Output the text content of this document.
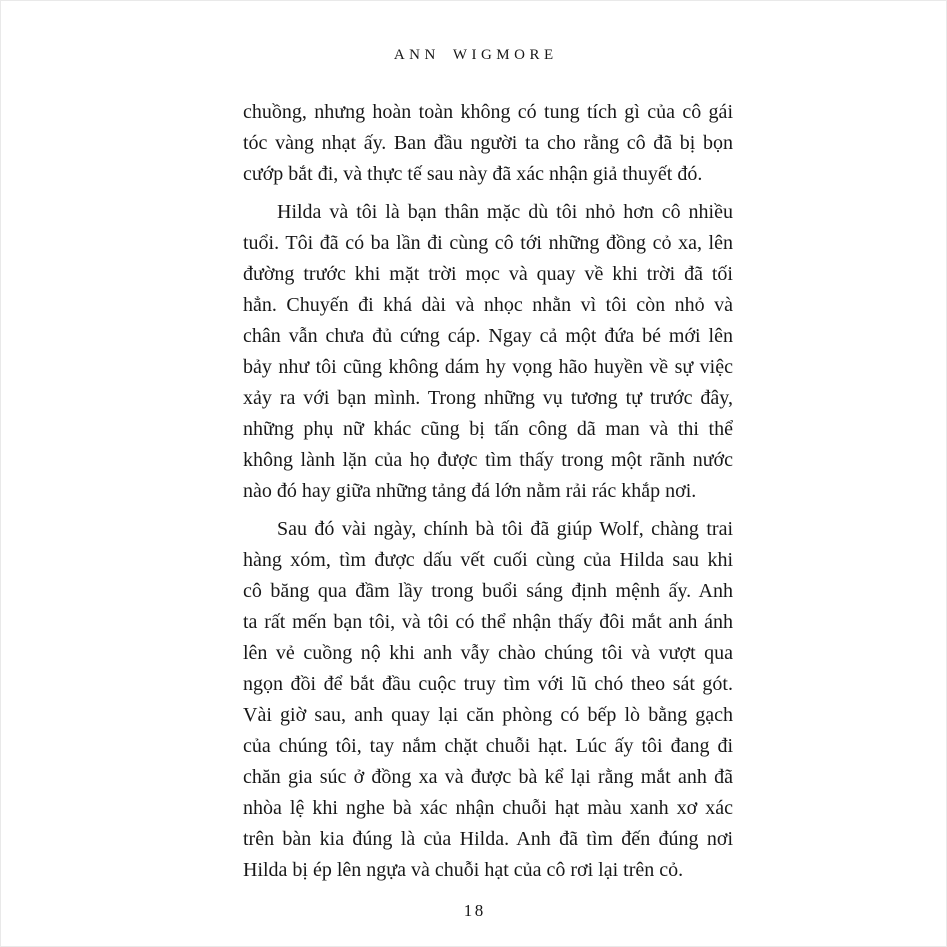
ANN WIGMORE

chuồng, nhưng hoàn toàn không có tung tích gì của cô gái
tóc vàng nhạt ấy. Ban đầu người ta cho rằng cô đã bị bọn
cướp bắt đi, và thực tế sau này đã xác nhận giả thuyết đó.

Hilda và tôi là bạn thân mặc dù tôi nhỏ hơn cô nhiều
tuổi. Tôi đã có ba lần đi cùng cô tới những đồng cỏ xa, lên
đường trước khi mặt trời mọc và quay về khi trời đã tối
hẳn. Chuyến đi khá dài và nhọc nhằn vì tôi còn nhỏ và
chân vẫn chưa đủ cứng cáp. Ngay cả một đứa bé mới lên
bảy như tôi cũng không dám hy vọng hão huyền về sự việc
xảy ra với bạn mình. Trong những vụ tương tự trước đây,
những phụ nữ khác cũng bị tấn công dã man và thi thể
không lành lặn của họ được tìm thấy trong một rãnh nước
nào đó hay giữa những tảng đá lớn nằm rải rác khắp nơi.

Sau đó vài ngày, chính bà tôi đã giúp Wolf, chàng trai
hàng xóm, tìm được dấu vết cuối cùng của Hilda sau khi
cô băng qua đầm lầy trong buổi sáng định mệnh ấy. Anh
ta rất mến bạn tôi, và tôi có thể nhận thấy đôi mắt anh ánh
lên vẻ cuồng nộ khi anh vẫy chào chúng tôi và vượt qua
ngọn đồi để bắt đầu cuộc truy tìm với lũ chó theo sát gót.
Vài giờ sau, anh quay lại căn phòng có bếp lò bằng gạch
của chúng tôi, tay nắm chặt chuỗi hạt. Lúc ấy tôi đang đi
chăn gia súc ở đồng xa và được bà kể lại rằng mắt anh đã
nhòa lệ khi nghe bà xác nhận chuỗi hạt màu xanh xơ xác
trên bàn kia đúng là của Hilda. Anh đã tìm đến đúng nơi
Hilda bị ép lên ngựa và chuỗi hạt của cô rơi lại trên cỏ.

18
